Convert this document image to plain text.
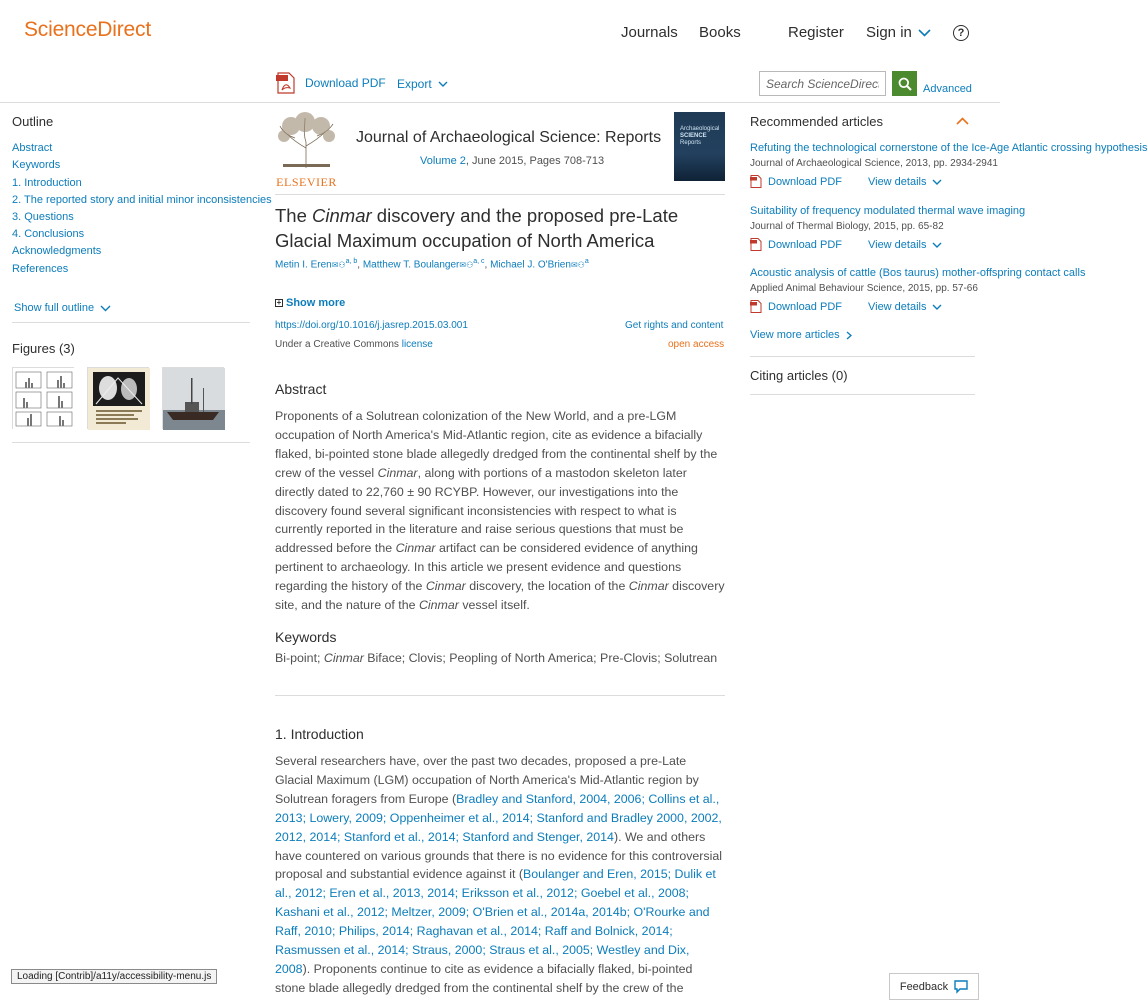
ScienceDirect	Journals Books	Register Sign in	?
Download PDF Export
Search ScienceDirect	Advanced
Outline
Abstract
Keywords
1. Introduction
2. The reported story and initial minor inconsistencies
3. Questions
4. Conclusions
Acknowledgments
References
Show full outline
Figures (3)
ELSEVIER
Journal of Archaeological Science: Reports
Volume 2, June 2015, Pages 708-713
Archaeological
SCIENCE
Reports
The Cinmar discovery and the proposed pre-Late Glacial Maximum occupation of North America
Metin I. Eren✉⚇$^{a, b}$, Matthew T. Boulanger✉⚇$^{a, c}$, Michael J. O'Brien✉⚇$^a$
+ Show more
https://doi.org/10.1016/j.jasrep.2015.03.001	Get rights and content
Under a Creative Commons license	open access
Abstract

Proponents of a Solutrean colonization of the New World, and a pre-LGM occupation of North America's Mid-Atlantic region, cite as evidence a bifacially flaked, bi-pointed stone blade allegedly dredged from the continental shelf by the crew of the vessel Cinmar, along with portions of a mastodon skeleton later directly dated to 22,760 ± 90 RCYBP. However, our investigations into the discovery found several significant inconsistencies with respect to what is currently reported in the literature and raise serious questions that must be addressed before the Cinmar artifact can be considered evidence of anything pertinent to archaeology. In this article we present evidence and questions regarding the history of the Cinmar discovery, the location of the Cinmar discovery site, and the nature of the Cinmar vessel itself.

Keywords
Bi-point; Cinmar Biface; Clovis; Peopling of North America; Pre-Clovis; Solutrean
1. Introduction

Several researchers have, over the past two decades, proposed a pre-Late Glacial Maximum (LGM) occupation of North America's Mid-Atlantic region by Solutrean foragers from Europe (Bradley and Stanford, 2004, 2006; Collins et al., 2013; Lowery, 2009; Oppenheimer et al., 2014; Stanford and Bradley 2000, 2002, 2012, 2014; Stanford et al., 2014; Stanford and Stenger, 2014). We and others have countered on various grounds that there is no evidence for this controversial proposal and substantial evidence against it (Boulanger and Eren, 2015; Dulik et al., 2012; Eren et al., 2013, 2014; Eriksson et al., 2012; Goebel et al., 2008; Kashani et al., 2012; Meltzer, 2009; O'Brien et al., 2014a, 2014b; O'Rourke and Raff, 2010; Philips, 2014; Raghavan et al., 2014; Raff and Bolnick, 2014; Rasmussen et al., 2014; Straus, 2000; Straus et al., 2005; Westley and Dix, 2008). Proponents continue to cite as evidence a bifacially flaked, bi-pointed stone blade allegedly dredged from the continental shelf by the crew of the

Recommended articles
Refuting the technological cornerstone of the Ice-Age Atlantic crossing hypothesis
Journal of Archaeological Science, 2013, pp. 2934-2941
Download PDF View details
Suitability of frequency modulated thermal wave imaging
Journal of Thermal Biology, 2015, pp. 65-82
Download PDF View details
Acoustic analysis of cattle (Bos taurus) mother-offspring contact calls
Applied Animal Behaviour Science, 2015, pp. 57-66
Download PDF View details
View more articles
Citing articles (0)
Loading [Contrib]/a11y/accessibility-menu.js
Feedback
